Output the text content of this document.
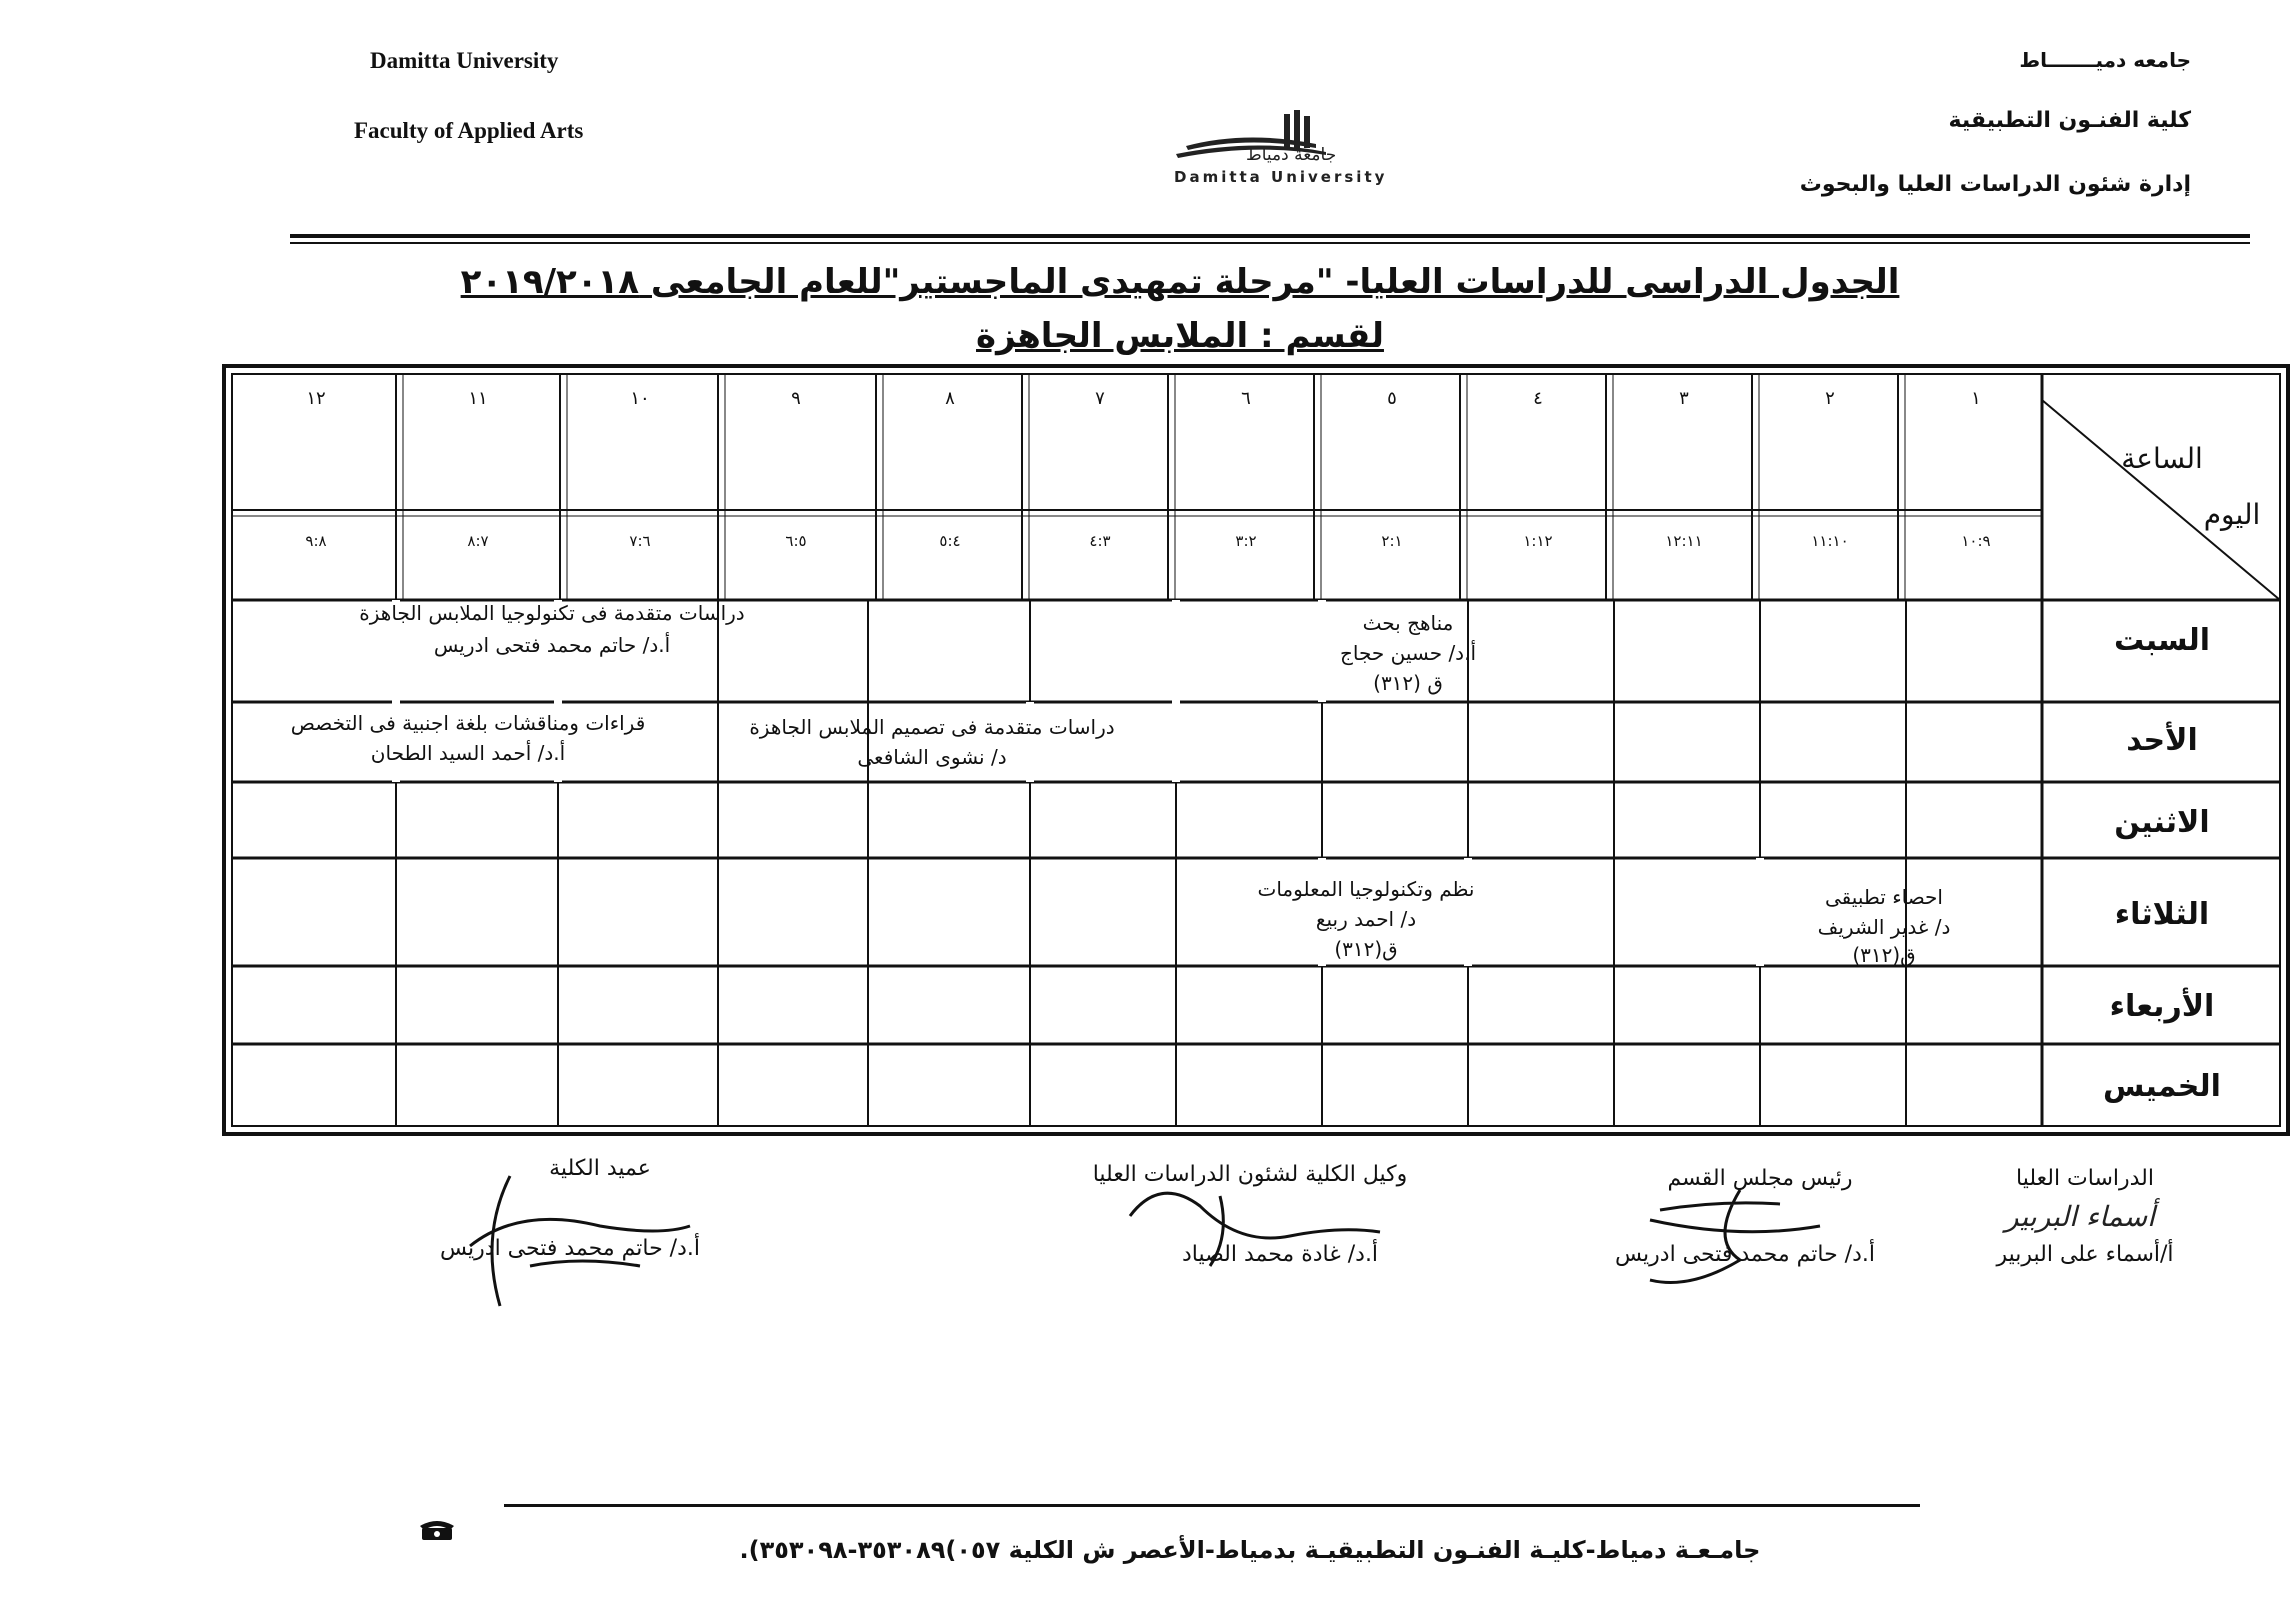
Damitta University
Faculty of Applied Arts
جامعه دميـــــــاط
كلية الفنـون التطبيقية
إدارة شئون الدراسات العليا والبحوث
جامعة دمياط
Damitta University
الجدول الدراسى للدراسات العليا- "مرحلة تمهيدى الماجستير"للعام الجامعى ٢٠١٩/٢٠١٨
لقسم : الملابس الجاهزة
الساعة
اليوم
١
٢
٣
٤
٥
٦
٧
٨
٩
١٠
١١
١٢
١٠:٩
١١:١٠
١٢:١١
١:١٢
٢:١
٣:٢
٤:٣
٥:٤
٦:٥
٧:٦
٨:٧
٩:٨
السبت
الأحد
الاثنين
الثلاثاء
الأربعاء
الخميس
مناهج بحث
أ.د/ حسين حجاج
ق (٣١٢)
دراسات متقدمة فى تكنولوجيا الملابس الجاهزة
أ.د/ حاتم محمد فتحى ادريس
دراسات متقدمة فى تصميم الملابس الجاهزة
د/ نشوى الشافعى
قراءات ومناقشات بلغة اجنبية فى التخصص
أ.د/ أحمد السيد الطحان
احصاء تطبيقى
د/ غدير الشريف
ق(٣١٢)
نظم وتكنولوجيا المعلومات
د/ احمد ربيع
ق(٣١٢)
الدراسات العليا
أسماء البربير
أ/أسماء على البربير
رئيس مجلس القسم
أ.د/ حاتم محمد فتحى ادريس
وكيل الكلية لشئون الدراسات العليا
أ.د/ غادة محمد الصياد
عميد الكلية
أ.د/ حاتم محمد فتحى ادريس
جامـعـة دمياط-كليـة الفنـون التطبيقيـة بدمياط-الأعصر ش الكلية ٠٥٧)٣٥٣٠٨٩-٣٥٣٠٩٨).
